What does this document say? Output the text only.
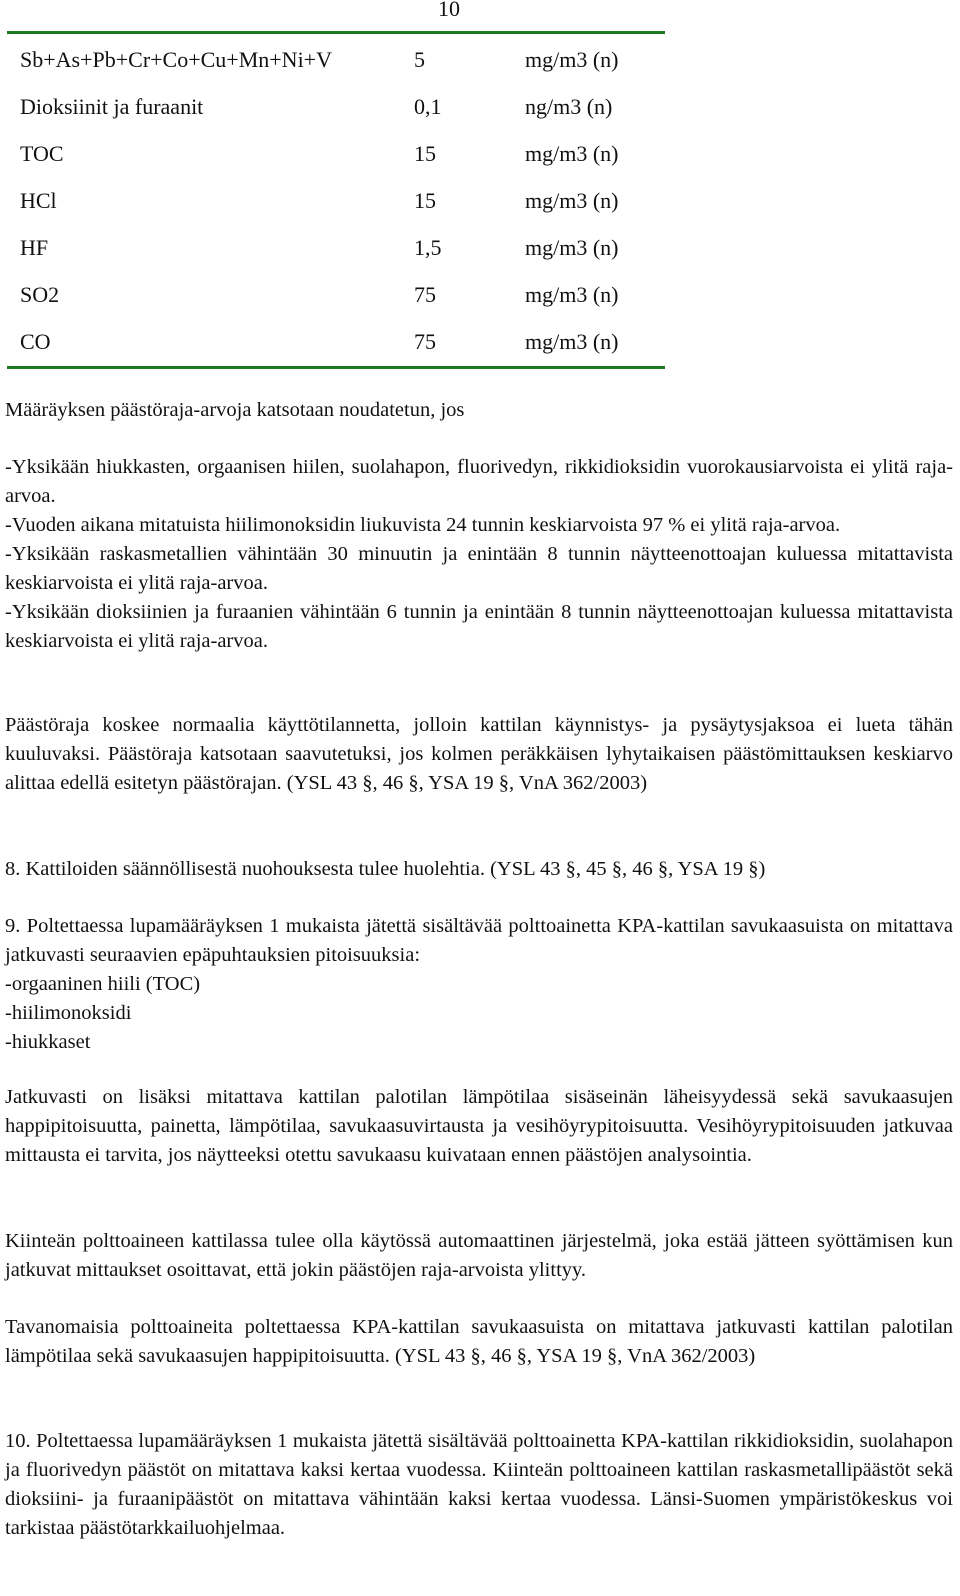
10
Sb+As+Pb+Cr+Co+Cu+Mn+Ni+V	5	mg/m3 (n)
Dioksiinit ja furaanit	0,1	ng/m3 (n)
TOC	15	mg/m3 (n)
HCl	15	mg/m3 (n)
HF	1,5	mg/m3 (n)
SO2	75	mg/m3 (n)
CO	75	mg/m3 (n)

Määräyksen päästöraja-arvoja katsotaan noudatetun, jos

-Yksikään hiukkasten, orgaanisen hiilen, suolahapon, fluorivedyn, rikkidioksidin vuorokausiarvoista ei ylitä raja-arvoa.

-Vuoden aikana mitatuista hiilimonoksidin liukuvista 24 tunnin keskiarvoista 97 % ei ylitä raja-arvoa.

-Yksikään raskasmetallien vähintään 30 minuutin ja enintään 8 tunnin näytteenottoajan kuluessa mitattavista keskiarvoista ei ylitä raja-arvoa.

-Yksikään dioksiinien ja furaanien vähintään 6 tunnin ja enintään 8 tunnin näytteenottoajan kuluessa mitattavista keskiarvoista ei ylitä raja-arvoa.

Päästöraja koskee normaalia käyttötilannetta, jolloin kattilan käynnistys- ja pysäytysjaksoa ei lueta tähän kuuluvaksi. Päästöraja katsotaan saavutetuksi, jos kolmen peräkkäisen lyhytaikaisen päästömittauksen keskiarvo alittaa edellä esitetyn päästörajan. (YSL 43 §, 46 §, YSA 19 §, VnA 362/2003)

8. Kattiloiden säännöllisestä nuohouksesta tulee huolehtia. (YSL 43 §, 45 §, 46 §, YSA 19 §)

9. Poltettaessa lupamääräyksen 1 mukaista jätettä sisältävää polttoainetta KPA-kattilan savukaasuista on mitattava jatkuvasti seuraavien epäpuhtauksien pitoisuuksia:

-orgaaninen hiili (TOC)

-hiilimonoksidi

-hiukkaset

Jatkuvasti on lisäksi mitattava kattilan palotilan lämpötilaa sisäseinän läheisyydessä sekä savukaasujen happipitoisuutta, painetta, lämpötilaa, savukaasuvirtausta ja vesihöyrypitoisuutta. Vesihöyrypitoisuuden jatkuvaa mittausta ei tarvita, jos näytteeksi otettu savukaasu kuivataan ennen päästöjen analysointia.

Kiinteän polttoaineen kattilassa tulee olla käytössä automaattinen järjestelmä, joka estää jätteen syöttämisen kun jatkuvat mittaukset osoittavat, että jokin päästöjen raja-arvoista ylittyy.

Tavanomaisia polttoaineita poltettaessa KPA-kattilan savukaasuista on mitattava jatkuvasti kattilan palotilan lämpötilaa sekä savukaasujen happipitoisuutta. (YSL 43 §, 46 §, YSA 19 §, VnA 362/2003)

10. Poltettaessa lupamääräyksen 1 mukaista jätettä sisältävää polttoainetta KPA-kattilan rikkidioksidin, suolahapon ja fluorivedyn päästöt on mitattava kaksi kertaa vuodessa. Kiinteän polttoaineen kattilan raskasmetallipäästöt sekä dioksiini- ja furaanipäästöt on mitattava vähintään kaksi kertaa vuodessa. Länsi-Suomen ympäristökeskus voi tarkistaa päästötarkkailuohjelmaa.
